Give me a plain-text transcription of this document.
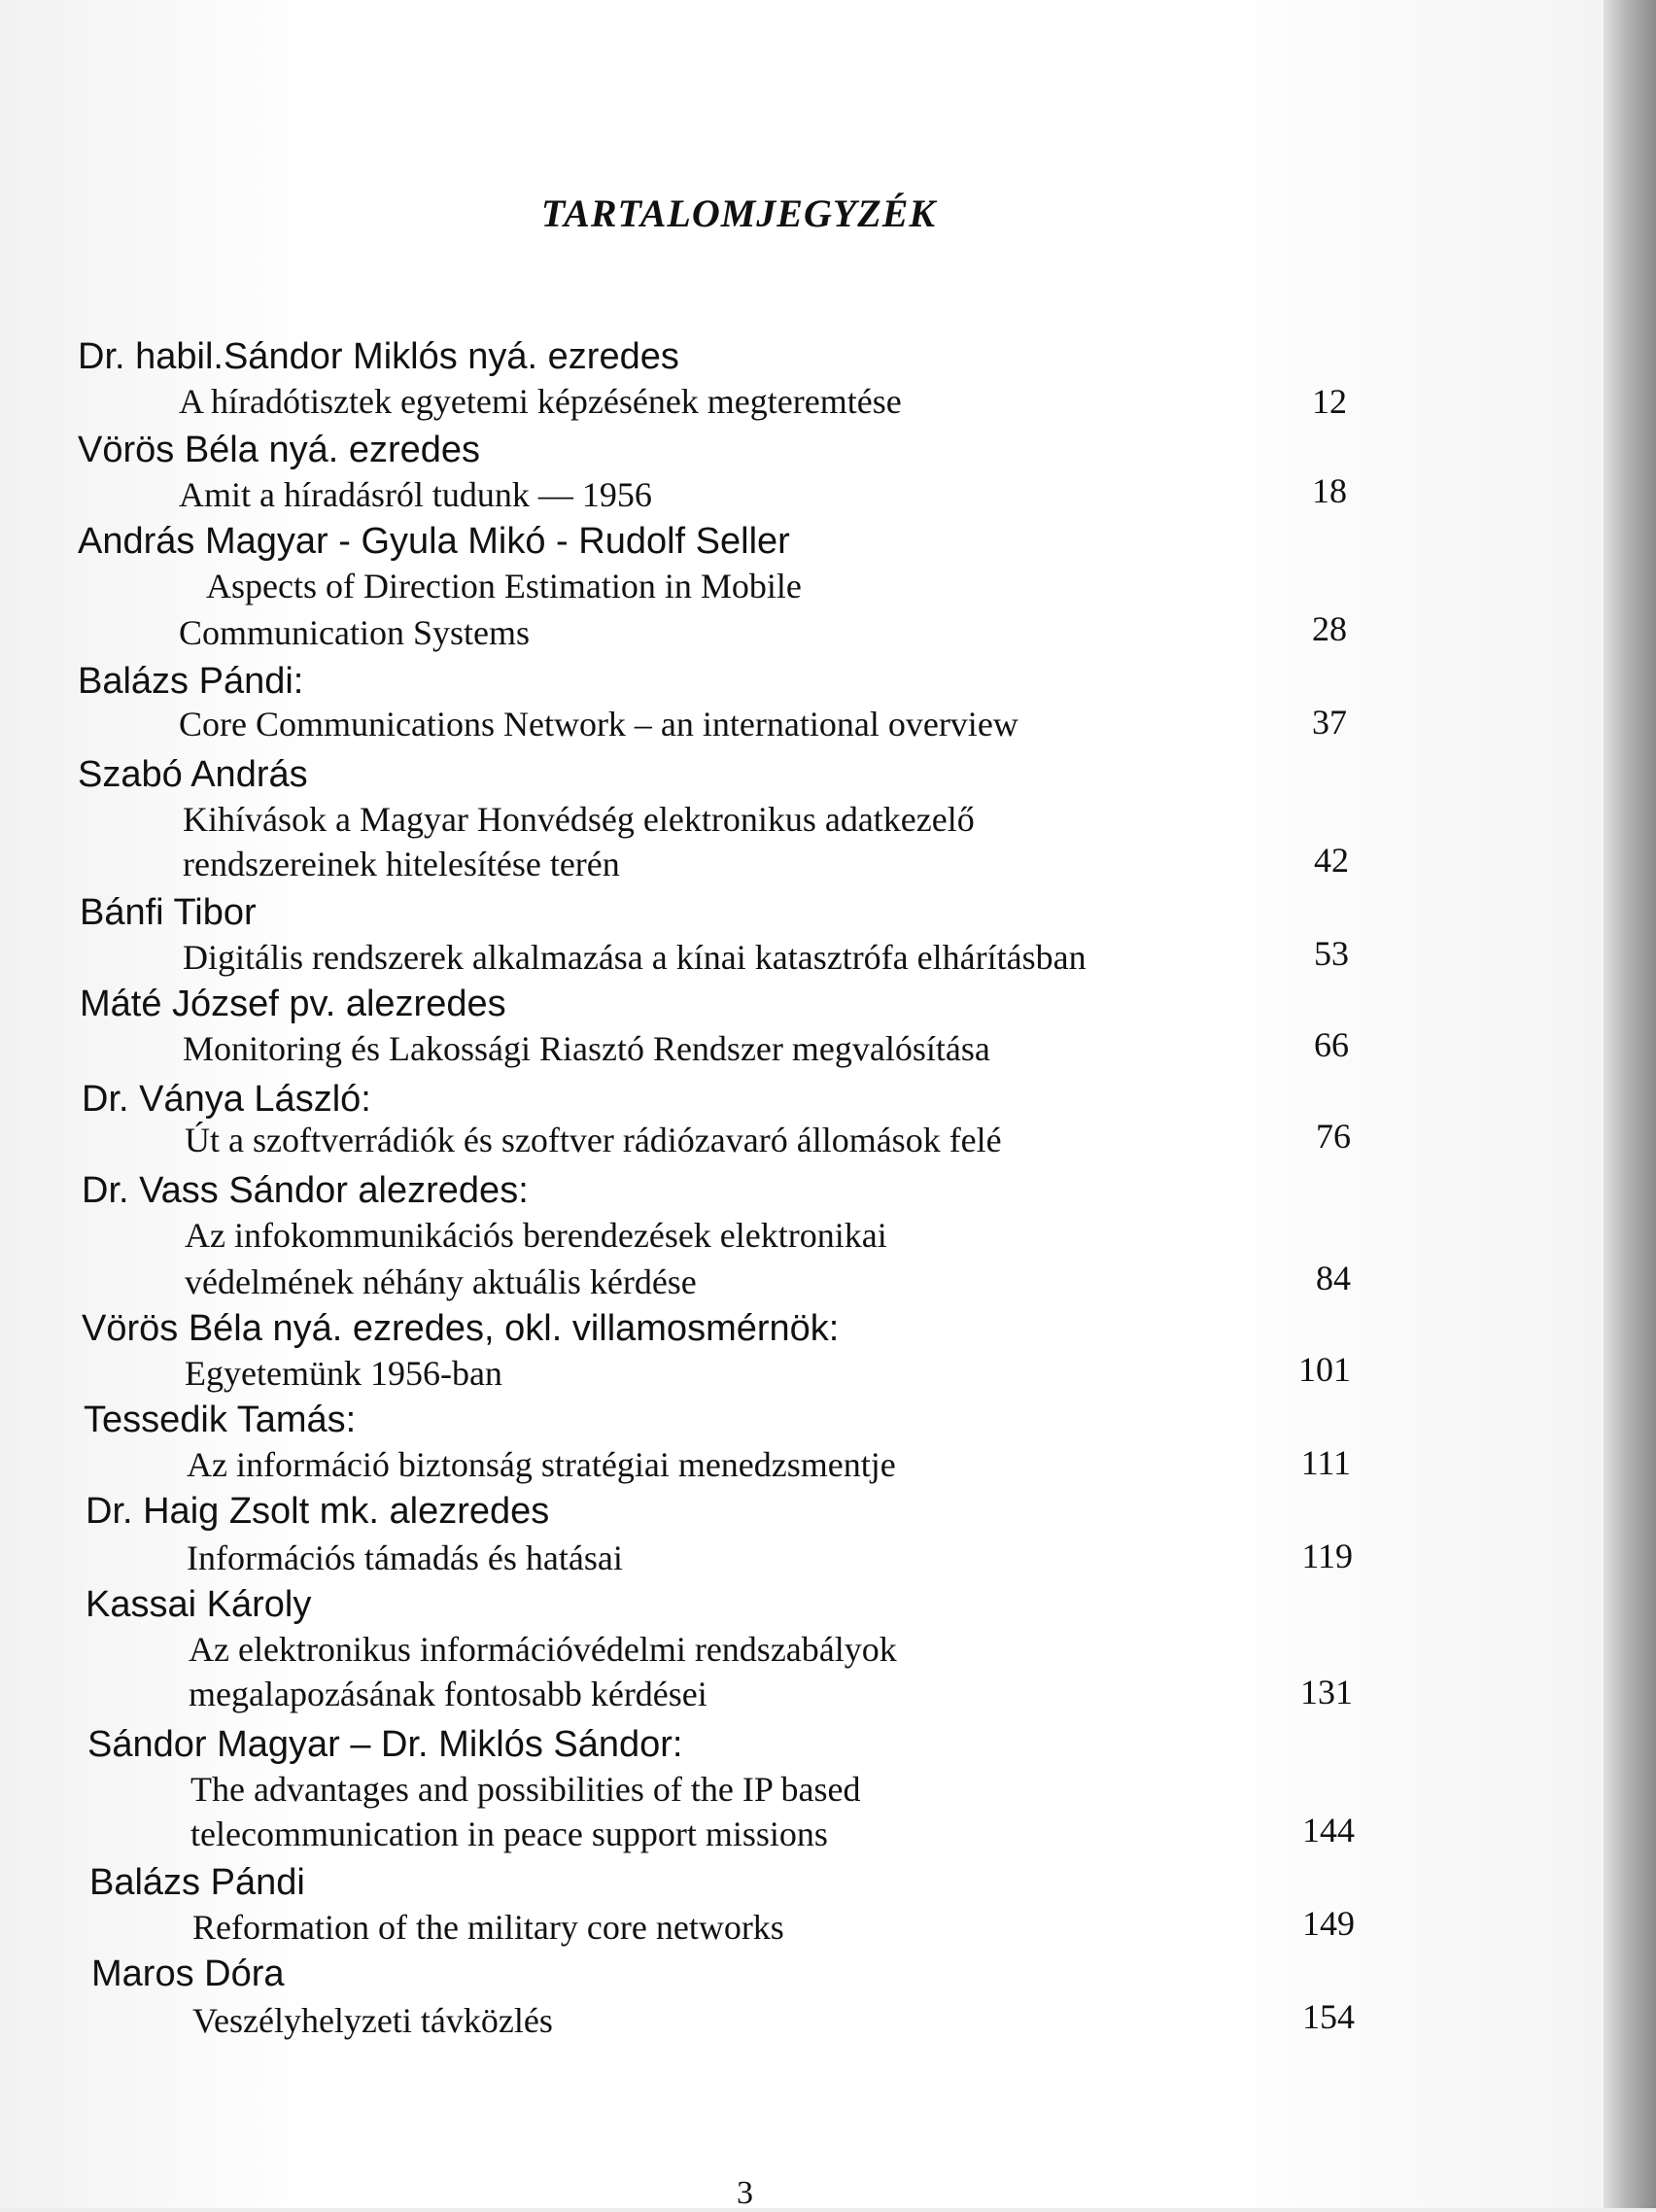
TARTALOMJEGYZÉK
Dr. habil.Sándor Miklós nyá. ezredes
A híradótisztek egyetemi képzésének megteremtése	12
Vörös Béla nyá. ezredes
Amit a híradásról tudunk — 1956	18
András Magyar - Gyula Mikó - Rudolf Seller
Aspects of Direction Estimation in Mobile
Communication Systems	28
Balázs Pándi:
Core Communications Network – an international overview	37
Szabó András
Kihívások a Magyar Honvédség elektronikus adatkezelő
rendszereinek hitelesítése terén	42
Bánfi Tibor
Digitális rendszerek alkalmazása a kínai katasztrófa elhárításban	53
Máté József pv. alezredes
Monitoring és Lakossági Riasztó Rendszer megvalósítása	66
Dr. Ványa László:
Út a szoftverrádiók és szoftver rádiózavaró állomások felé	76
Dr. Vass Sándor alezredes:
Az infokommunikációs berendezések elektronikai
védelmének néhány aktuális kérdése	84
Vörös Béla nyá. ezredes, okl. villamosmérnök:
Egyetemünk 1956-ban	101
Tessedik Tamás:
Az információ biztonság stratégiai menedzsmentje	111
Dr. Haig Zsolt mk. alezredes
Információs támadás és hatásai	119
Kassai Károly
Az elektronikus információvédelmi rendszabályok
megalapozásának fontosabb kérdései	131
Sándor Magyar – Dr. Miklós Sándor:
The advantages and possibilities of the IP based
telecommunication in peace support missions	144
Balázs Pándi
Reformation of the military core networks	149
Maros Dóra
Veszélyhelyzeti távközlés	154
3
